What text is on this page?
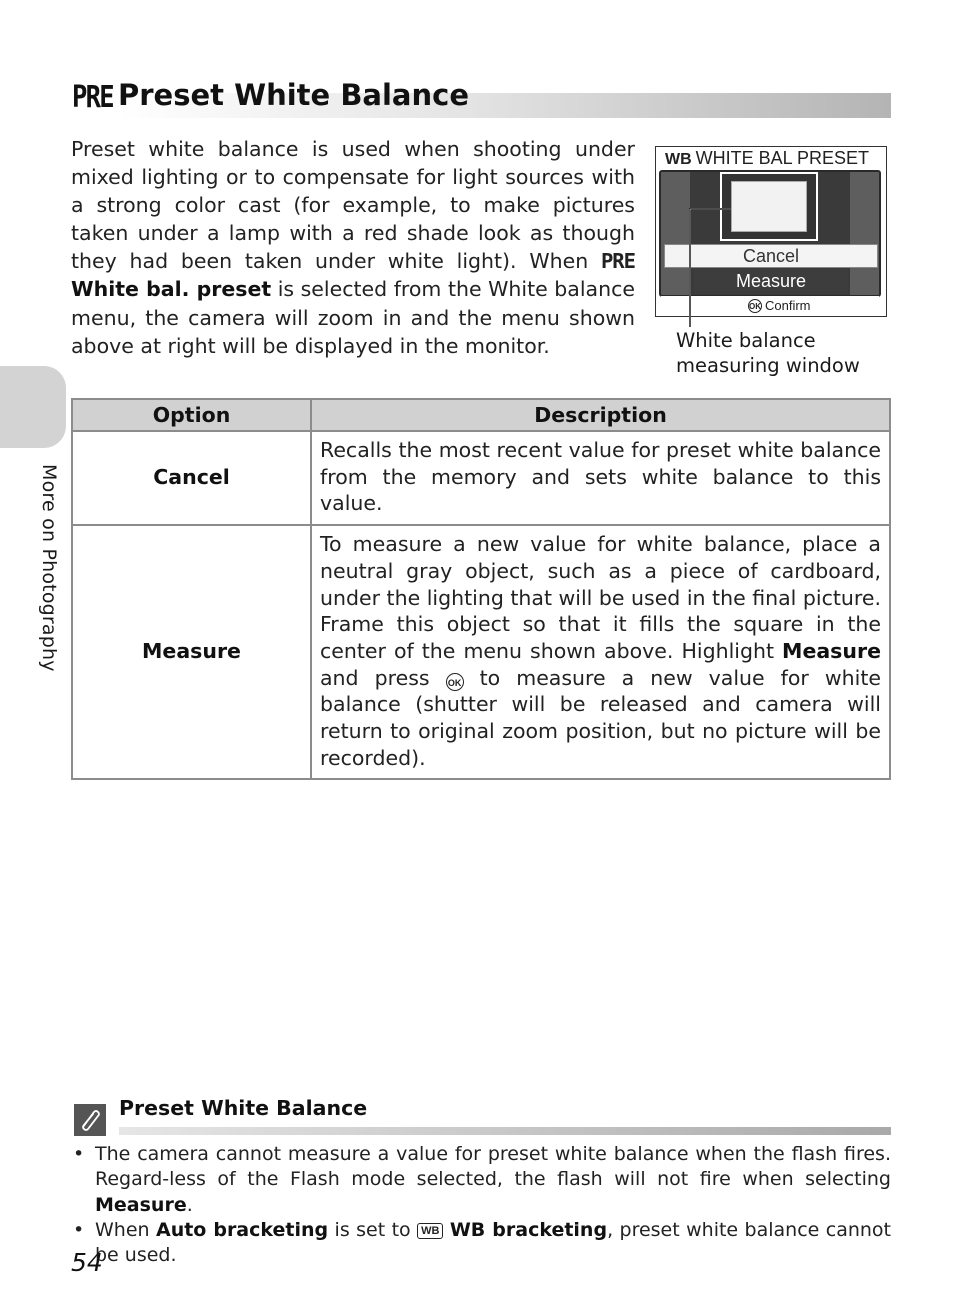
More on Photography
PRE Preset White Balance
Preset white balance is used when shooting under mixed lighting or to compensate for light sources with a strong color cast (for example, to make pictures taken under a lamp with a red shade look as though they had been taken under white light). When PRE White bal. preset is selected from the White balance menu, the camera will zoom in and the menu shown above at right will be displayed in the monitor.
WB WHITE BAL PRESET
Cancel
Measure
OK Confirm
White balance
measuring window
Option	Description
Cancel	Recalls the most recent value for preset white balance from the memory and sets white balance to this value.
Measure	To measure a new value for white balance, place a neutral gray object, such as a piece of cardboard, under the lighting that will be used in the final picture. Frame this object so that it fills the square in the center of the menu shown above. Highlight Measure and press OK to measure a new value for white balance (shutter will be released and camera will return to original zoom position, but no picture will be recorded).
Preset White Balance
• The camera cannot measure a value for preset white balance when the flash fires. Regard-less of the Flash mode selected, the flash will not fire when selecting Measure.
• When Auto bracketing is set to WB WB bracketing, preset white balance cannot be used.
54
